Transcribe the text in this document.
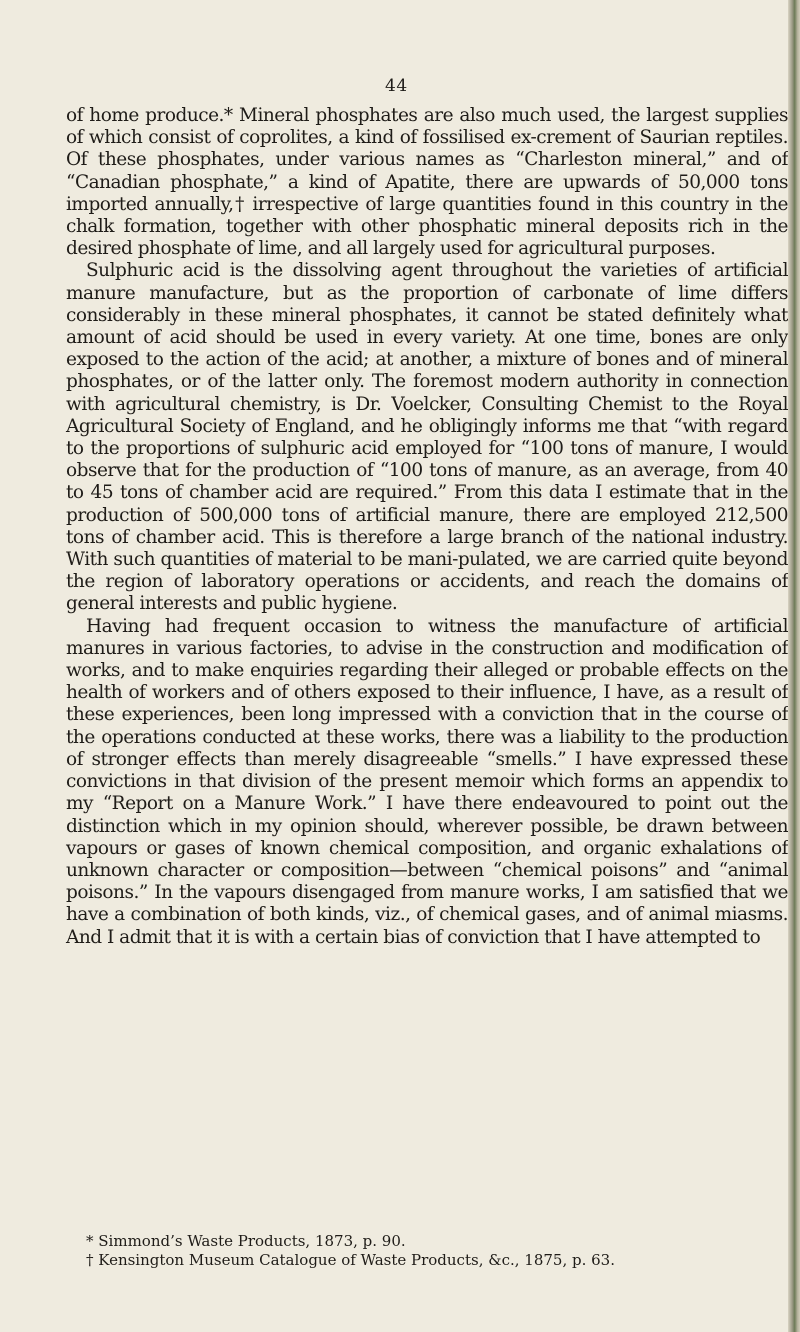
44

of home produce.* Mineral phosphates are also much used, the largest supplies of which consist of coprolites, a kind of fossilised ex-crement of Saurian reptiles. Of these phosphates, under various names as “Charleston mineral,” and of “Canadian phosphate,” a kind of Apatite, there are upwards of 50,000 tons imported annually,† irrespective of large quantities found in this country in the chalk formation, together with other phosphatic mineral deposits rich in the desired phosphate of lime, and all largely used for agricultural purposes.

Sulphuric acid is the dissolving agent throughout the varieties of artificial manure manufacture, but as the proportion of carbonate of lime differs considerably in these mineral phosphates, it cannot be stated definitely what amount of acid should be used in every variety. At one time, bones are only exposed to the action of the acid; at another, a mixture of bones and of mineral phosphates, or of the latter only. The foremost modern authority in connection with agricultural chemistry, is Dr. Voelcker, Consulting Chemist to the Royal Agricultural Society of England, and he obligingly informs me that “with regard to the proportions of sulphuric acid employed for “100 tons of manure, I would observe that for the production of “100 tons of manure, as an average, from 40 to 45 tons of chamber acid are required.” From this data I estimate that in the production of 500,000 tons of artificial manure, there are employed 212,500 tons of chamber acid. This is therefore a large branch of the national industry. With such quantities of material to be mani-pulated, we are carried quite beyond the region of laboratory operations or accidents, and reach the domains of general interests and public hygiene.

Having had frequent occasion to witness the manufacture of artificial manures in various factories, to advise in the construction and modification of works, and to make enquiries regarding their alleged or probable effects on the health of workers and of others exposed to their influence, I have, as a result of these experiences, been long impressed with a conviction that in the course of the operations conducted at these works, there was a liability to the production of stronger effects than merely disagreeable “smells.” I have expressed these convictions in that division of the present memoir which forms an appendix to my “Report on a Manure Work.” I have there endeavoured to point out the distinction which in my opinion should, wherever possible, be drawn between vapours or gases of known chemical composition, and organic exhalations of unknown character or composition—between “chemical poisons” and “animal poisons.” In the vapours disengaged from manure works, I am satisfied that we have a combination of both kinds, viz., of chemical gases, and of animal miasms. And I admit that it is with a certain bias of conviction that I have attempted to

* Simmond’s Waste Products, 1873, p. 90.

† Kensington Museum Catalogue of Waste Products, &c., 1875, p. 63.
